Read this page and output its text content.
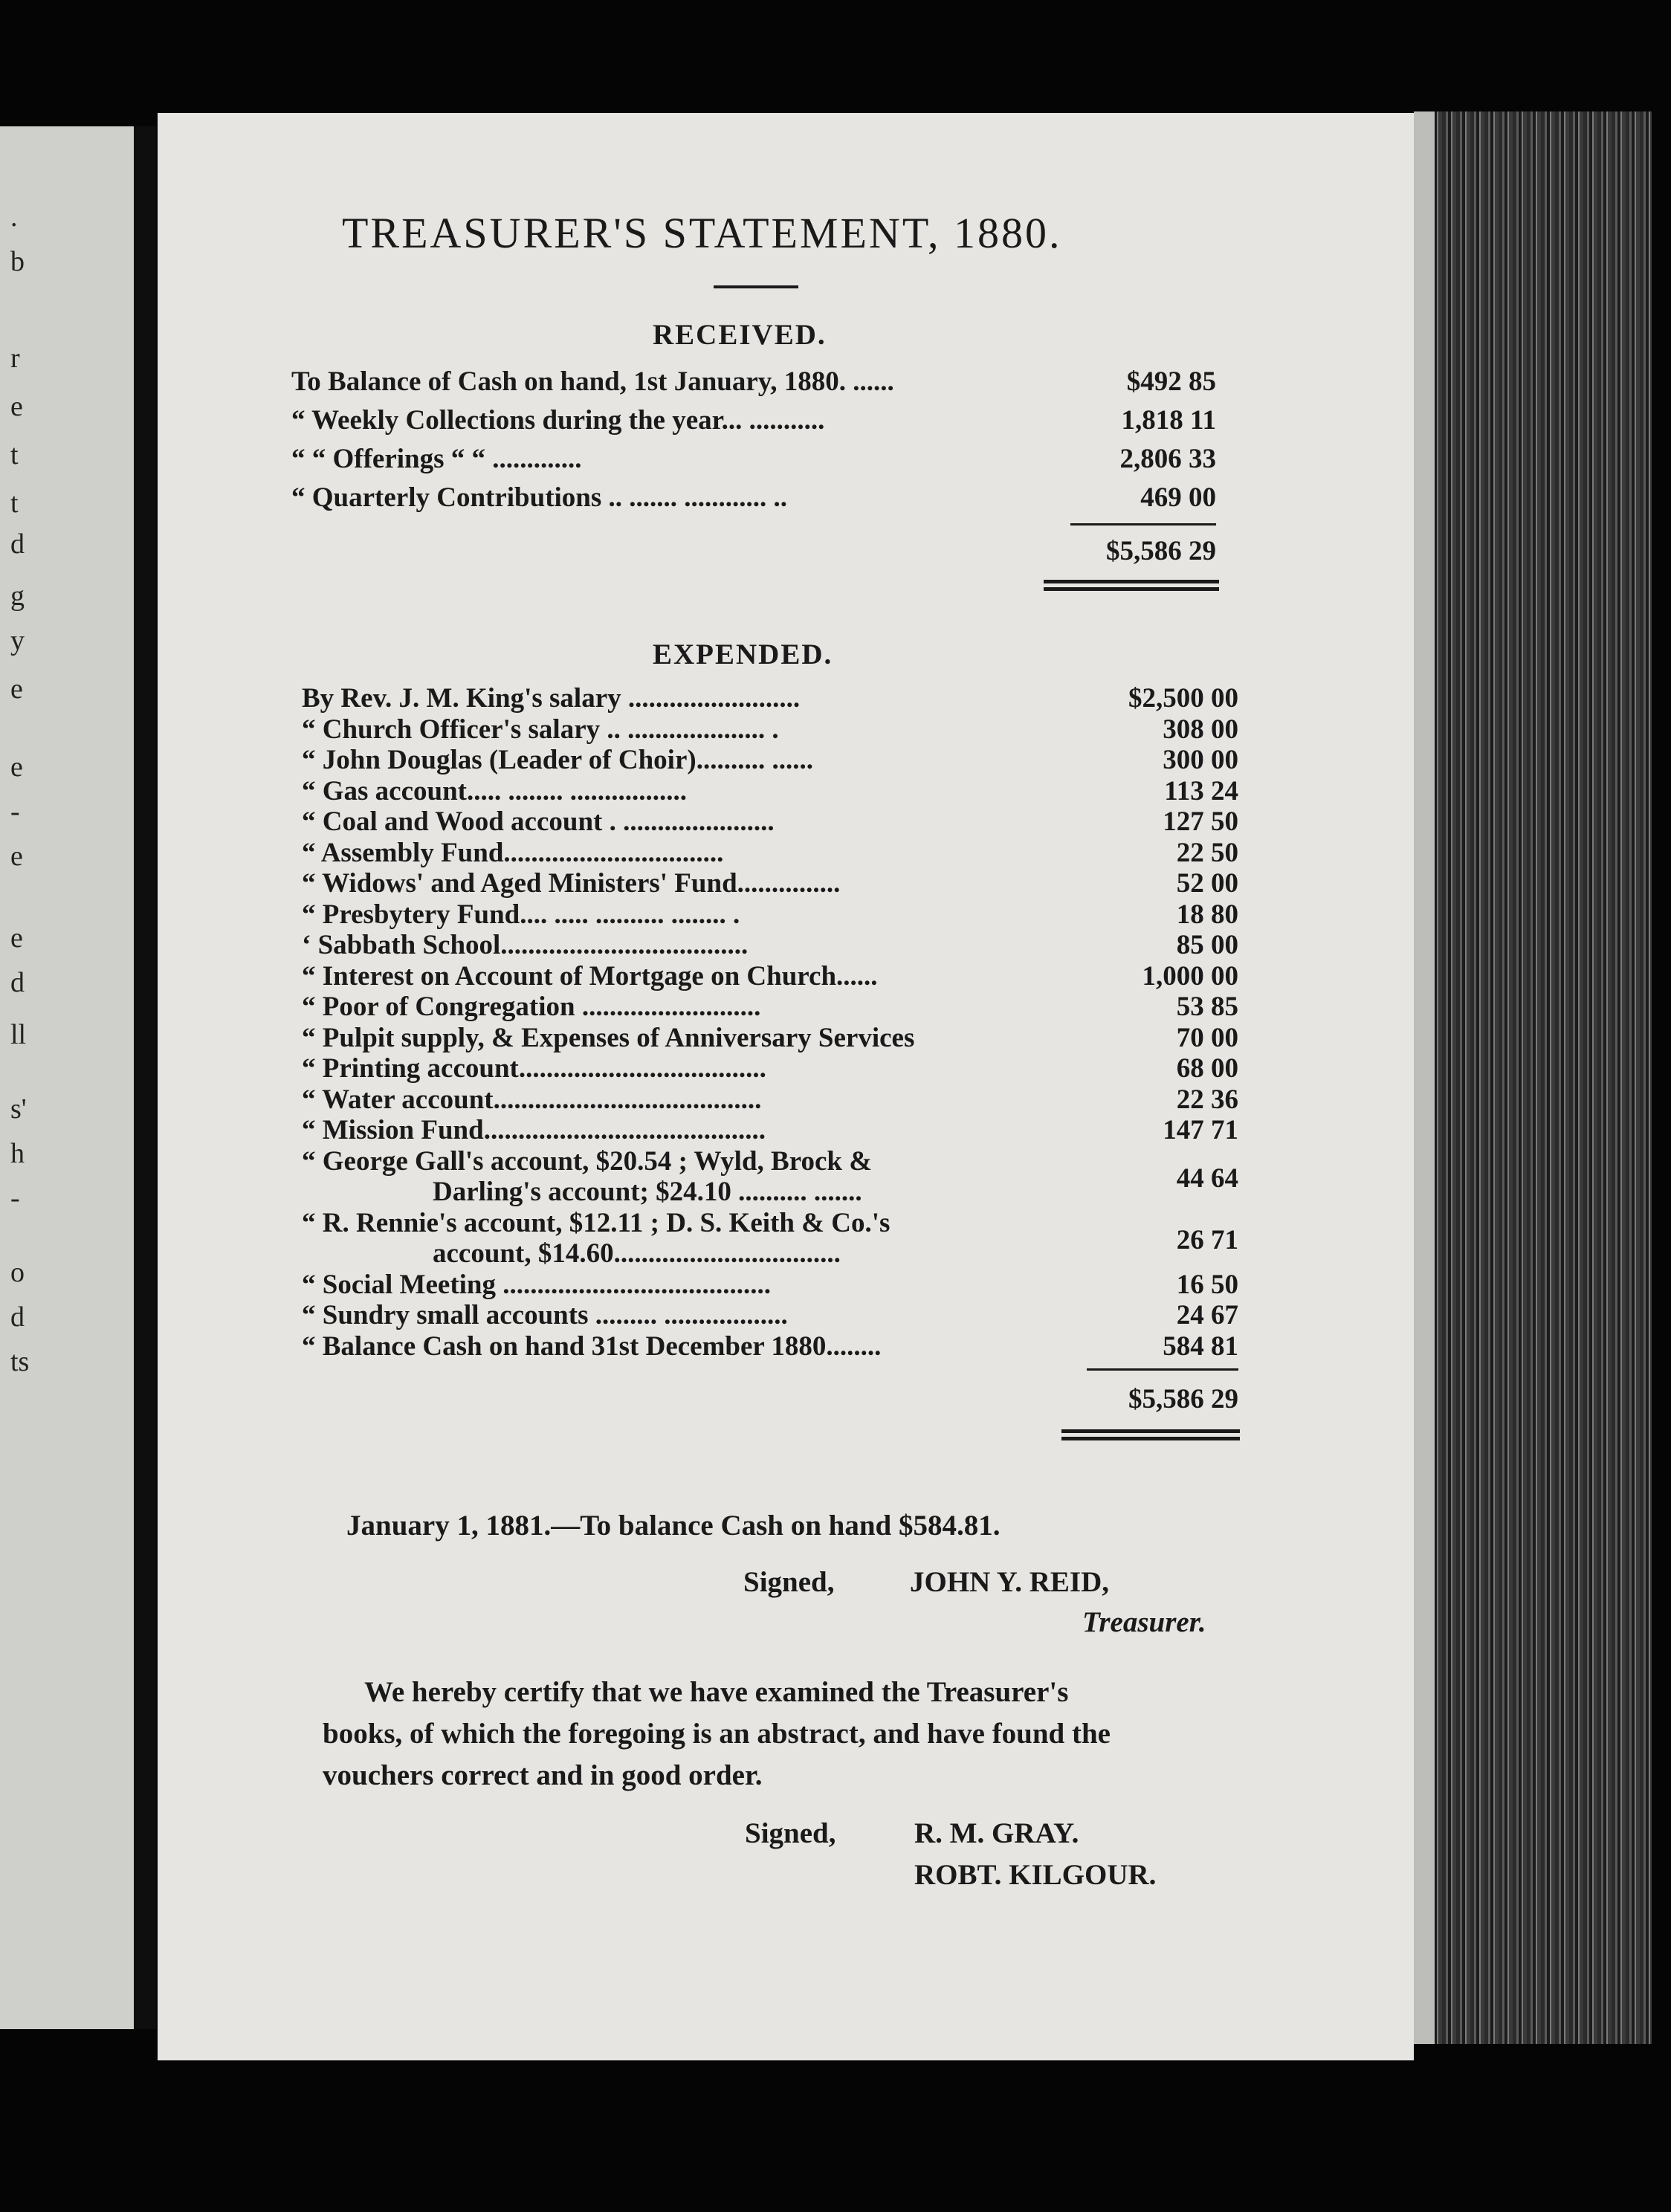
.
b
r
e
t
t
d
g
y
e
e
-
e
e
d
ll
s'
h
-
o
d
ts
TREASURER'S STATEMENT, 1880.
RECEIVED.
To Balance of Cash on hand, 1st January, 1880. ......	$492 85
“ Weekly Collections during the year... ...........	1,818 11
“ “ Offerings “ “ .............	2,806 33
“ Quarterly Contributions .. ....... ............ ..	469 00
$5,586 29
EXPENDED.
By Rev. J. M. King's salary .........................	$2,500 00
“ Church Officer's salary .. .................... .	308 00
“ John Douglas (Leader of Choir).......... ......	300 00
“ Gas account..... ........ .................	113 24
“ Coal and Wood account . ......................	127 50
“ Assembly Fund................................	22 50
“ Widows' and Aged Ministers' Fund...............	52 00
“ Presbytery Fund.... ..... .......... ........ .	18 80
‘ Sabbath School....................................	85 00
“ Interest on Account of Mortgage on Church......	1,000 00
“ Poor of Congregation ..........................	53 85
“ Pulpit supply, & Expenses of Anniversary Services	70 00
“ Printing account....................................	68 00
“ Water account.......................................	22 36
“ Mission Fund.........................................	147 71
“ George Gall's account, $20.54 ; Wyld, Brock &
Darling's account; $24.10 .......... .......	44 64
“ R. Rennie's account, $12.11 ; D. S. Keith & Co.'s
account, $14.60.................................	26 71
“ Social Meeting .......................................	16 50
“ Sundry small accounts ......... ..................	24 67
“ Balance Cash on hand 31st December 1880........	584 81
$5,586 29
January 1, 1881.—To balance Cash on hand $584.81.
Signed,	JOHN Y. REID,
Treasurer.
We hereby certify that we have examined the Treasurer's
books, of which the foregoing is an abstract, and have found the
vouchers correct and in good order.
Signed,	R. M. GRAY.
ROBT. KILGOUR.
